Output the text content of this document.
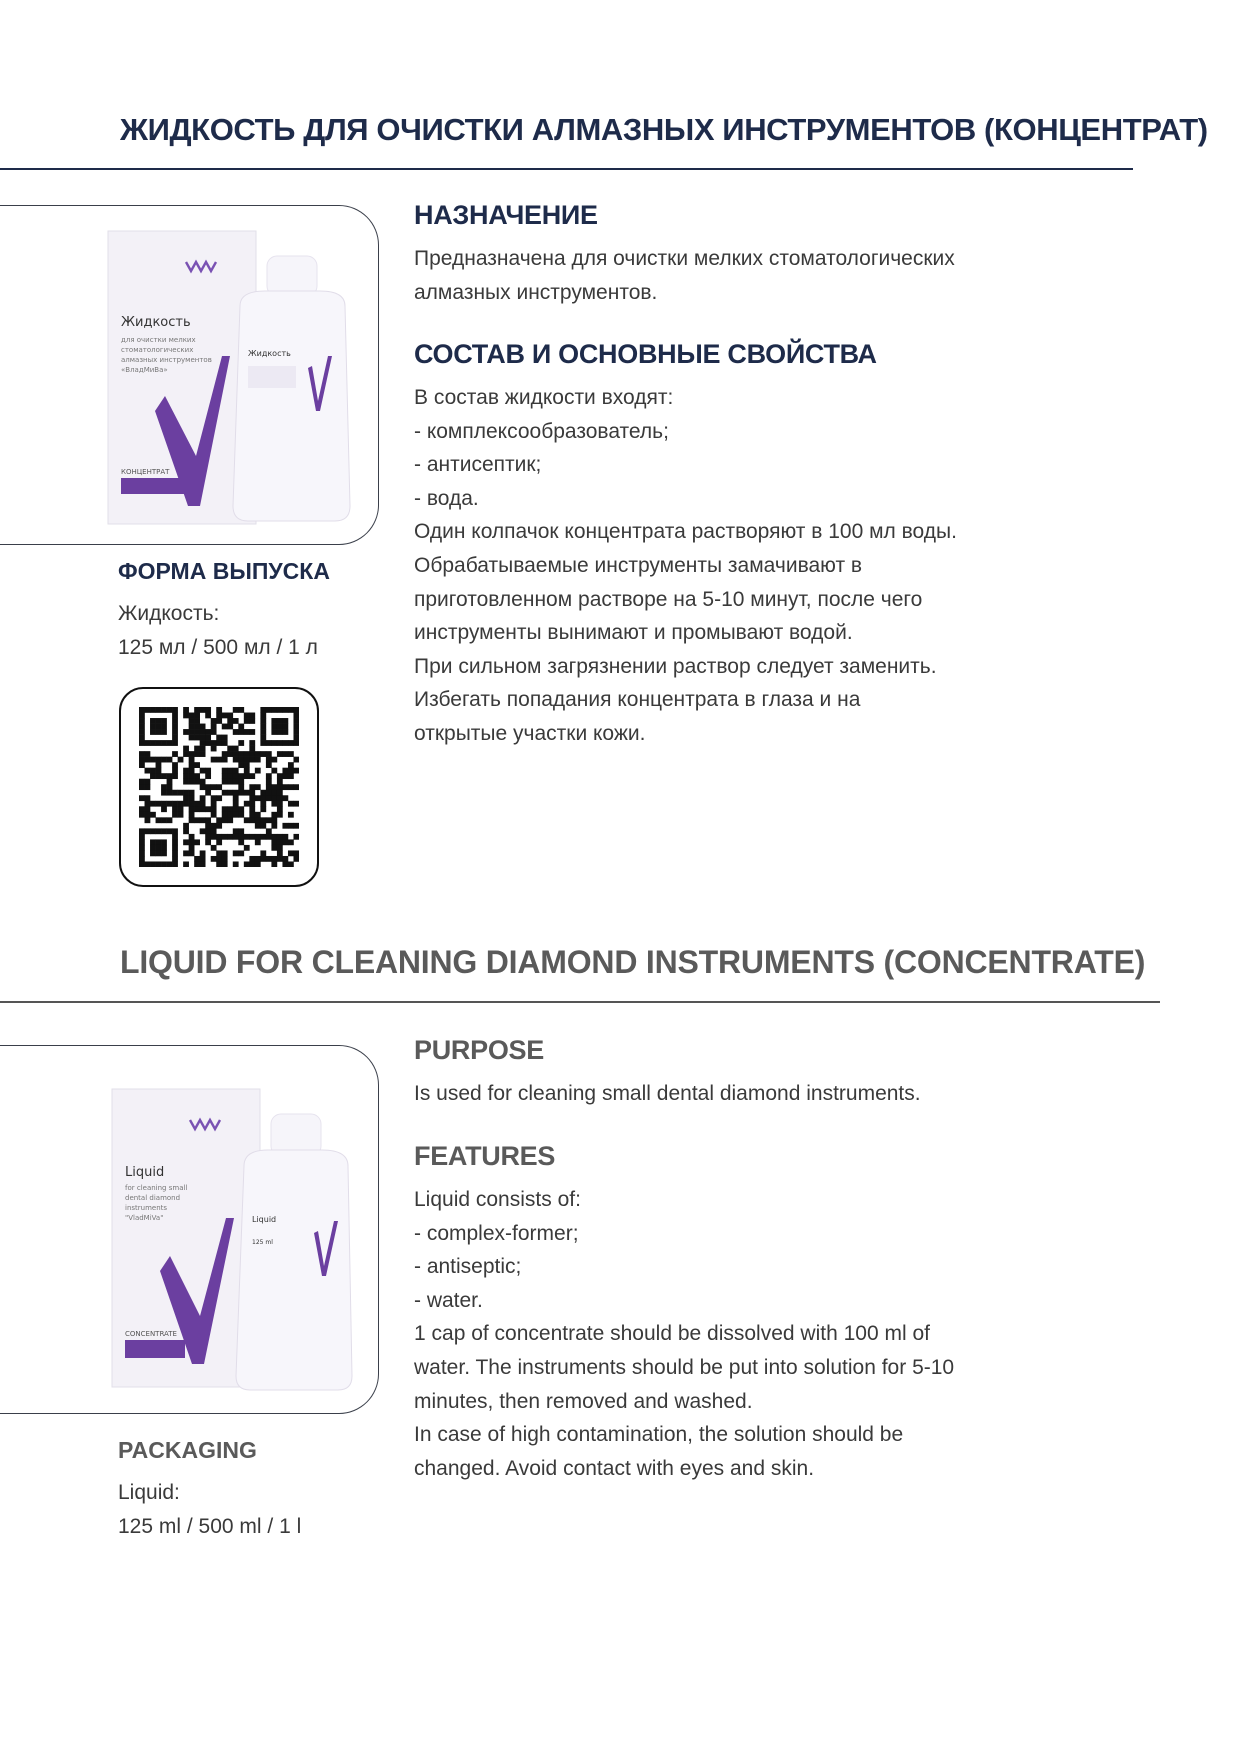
ЖИДКОСТЬ ДЛЯ ОЧИСТКИ АЛМАЗНЫХ ИНСТРУМЕНТОВ (КОНЦЕНТРАТ)
Жидкость
для очистки мелких
стоматологических
алмазных инструментов
«ВладМиВа»
КОНЦЕНТРАТ
Жидкость
НАЗНАЧЕНИЕ
Предназначена для очистки мелких стоматологических
алмазных инструментов.
СОСТАВ И ОСНОВНЫЕ СВОЙСТВА
В состав жидкости входят:
- комплексообразователь;
- антисептик;
- вода.
Один колпачок концентрата растворяют в 100 мл воды.
Обрабатываемые инструменты замачивают в
приготовленном растворе на 5-10 минут, после чего
инструменты вынимают и промывают водой.
При сильном загрязнении раствор следует заменить.
Избегать попадания концентрата в глаза и на
открытые участки кожи.
ФОРМА ВЫПУСКА
Жидкость:
125 мл / 500 мл / 1 л
LIQUID FOR CLEANING DIAMOND INSTRUMENTS (CONCENTRATE)
Liquid
for cleaning small
dental diamond
instruments
"VladMiVa"
CONCENTRATE
Liquid
125 ml
PURPOSE
Is used for cleaning small dental diamond instruments.
FEATURES
Liquid consists of:
- complex-former;
- antiseptic;
- water.
1 cap of concentrate should be dissolved with 100 ml of
water. The instruments should be put into solution for 5-10
minutes, then removed and washed.
In case of high contamination, the solution should be
changed. Avoid contact with eyes and skin.
PACKAGING
Liquid:
125 ml / 500 ml / 1 l
